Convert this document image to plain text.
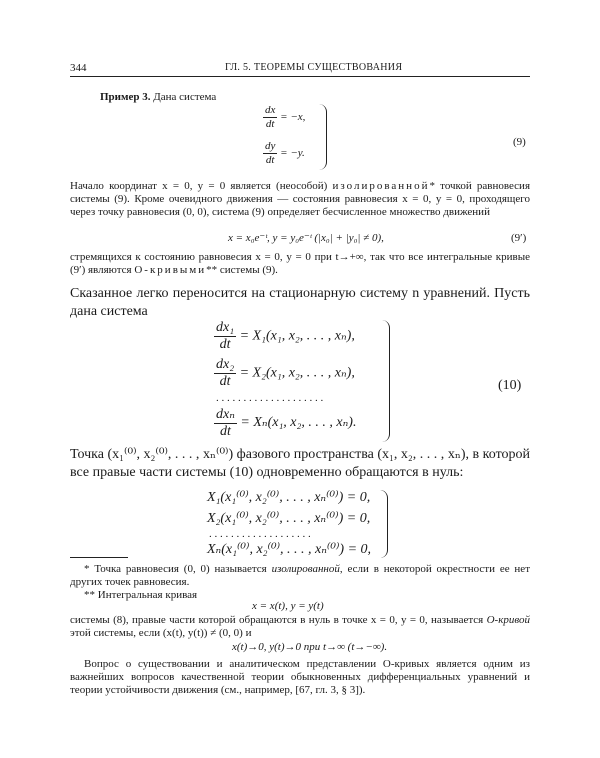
344	ГЛ. 5. ТЕОРЕМЫ СУЩЕСТВОВАНИЯ
Пример 3. Дана система
$\frac{dx}{dt} = -x$,
$\frac{dy}{dt} = -y$.
(9)
Начало координат x = 0, y = 0 является (неособой) изолированной* точкой равновесия системы (9). Кроме очевидного движения — состояния равновесия x = 0, y = 0, проходящего через точку равновесия (0, 0), система (9) определяет бесчисленное множество движений
x = x₀e⁻ᵗ, y = y₀e⁻ᵗ (|x₀| + |y₀| ≠ 0),	(9′)
стремящихся к состоянию равновесия x = 0, y = 0 при t→+∞, так что все интегральные кривые (9′) являются О-кривыми** системы (9).
Сказанное легко переносится на стационарную систему n уравнений. Пусть дана система
$\frac{\text{dx₁}}{dt} = X_1(x_1$, x₂, . . . , xₙ),
$\frac{\text{dx₂}}{dt} = X_2(x_1$, x₂, . . . , xₙ),
. . . . . . . . . . . . . . . . . . . .
$\frac{\text{dxₙ}}{dt} = X_n(x_1$, x₂, . . . , xₙ).
(10)
Точка (x₁⁽⁰⁾, x₂⁽⁰⁾, . . . , xₙ⁽⁰⁾) фазового пространства (x₁, x₂, . . . , xₙ), в которой все правые части системы (10) одновременно обращаются в нуль:
X₁(x₁⁽⁰⁾, x₂⁽⁰⁾, . . . , xₙ⁽⁰⁾) = 0,
X₂(x₁⁽⁰⁾, x₂⁽⁰⁾, . . . , xₙ⁽⁰⁾) = 0,
. . . . . . . . . . . . . . . . . . .
Xₙ(x₁⁽⁰⁾, x₂⁽⁰⁾, . . . , xₙ⁽⁰⁾) = 0,
* Точка равновесия (0, 0) называется изолированной, если в некоторой окрестности ее нет других точек равновесия.
** Интегральная кривая
x = x(t), y = y(t)
системы (8), правые части которой обращаются в нуль в точке x = 0, y = 0, называется О-кривой этой системы, если (x(t), y(t)) ≠ (0, 0) и
x(t)→0, y(t)→0 при t→∞ (t→−∞).
Вопрос о существовании и аналитическом представлении О-кривых является одним из важнейших вопросов качественной теории обыкновенных дифференциальных уравнений и теории устойчивости движения (см., например, [67, гл. 3, § 3]).
